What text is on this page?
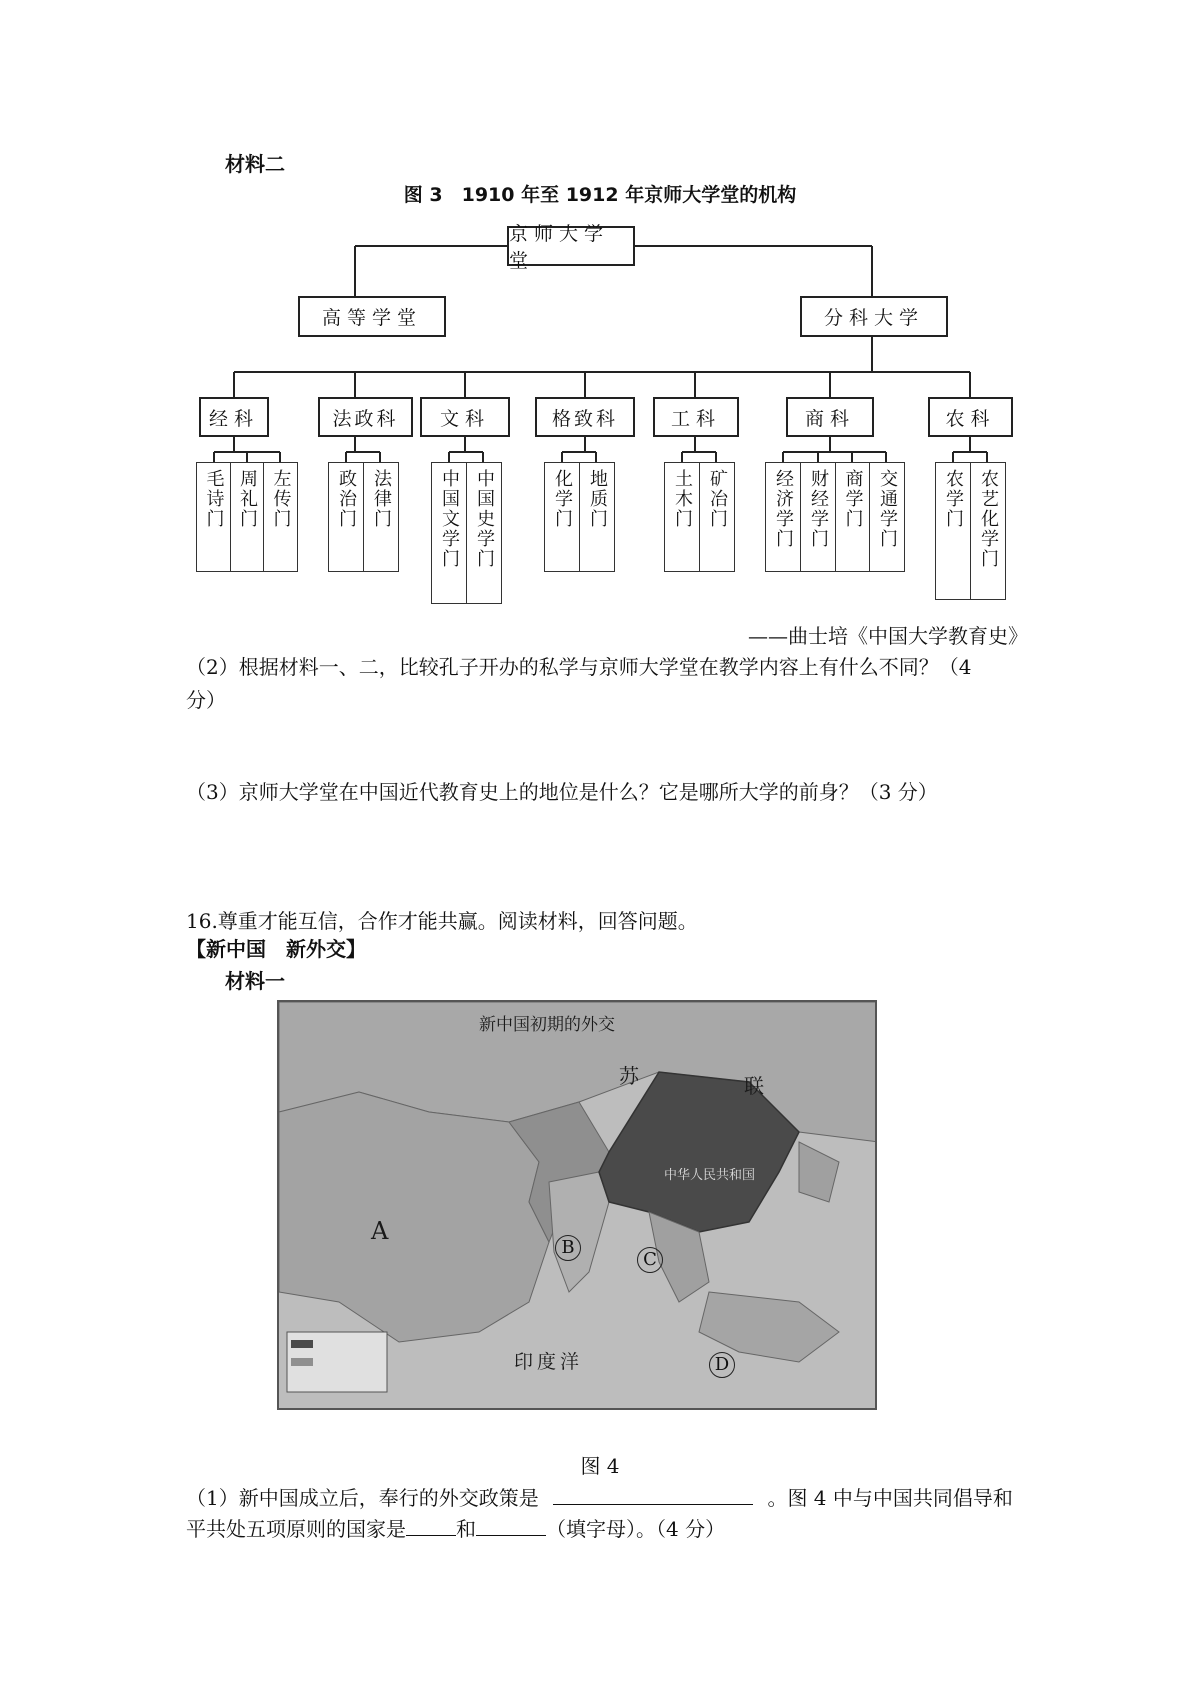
材料二
图 3　1910 年至 1912 年京师大学堂的机构
京师大学堂
高等学堂	分科大学
经科	法政科	文科	格致科	工科	商科	农科
毛诗门 周礼门 左传门 政治门 法律门	中国文学门 中国史学门	化学门 地质门	土木门 矿冶门	经济学门 财经学门 商学门 交通学门	农学门 农艺化学门
——曲士培《中国大学教育史》
（2）根据材料一、二，比较孔子开办的私学与京师大学堂在教学内容上有什么不同？（4
分）
（3）京师大学堂在中国近代教育史上的地位是什么？它是哪所大学的前身？（3 分）
16.尊重才能互信，合作才能共赢。阅读材料，回答问题。
【新中国　新外交】
材料一
新中国初期的外交
苏	联
中华人民共和国
A
B
C
D
印度洋
图 4
（1）新中国成立后，奉行的外交政策是	。图 4 中与中国共同倡导和
平共处五项原则的国家是	和	（填字母）。（4 分）
